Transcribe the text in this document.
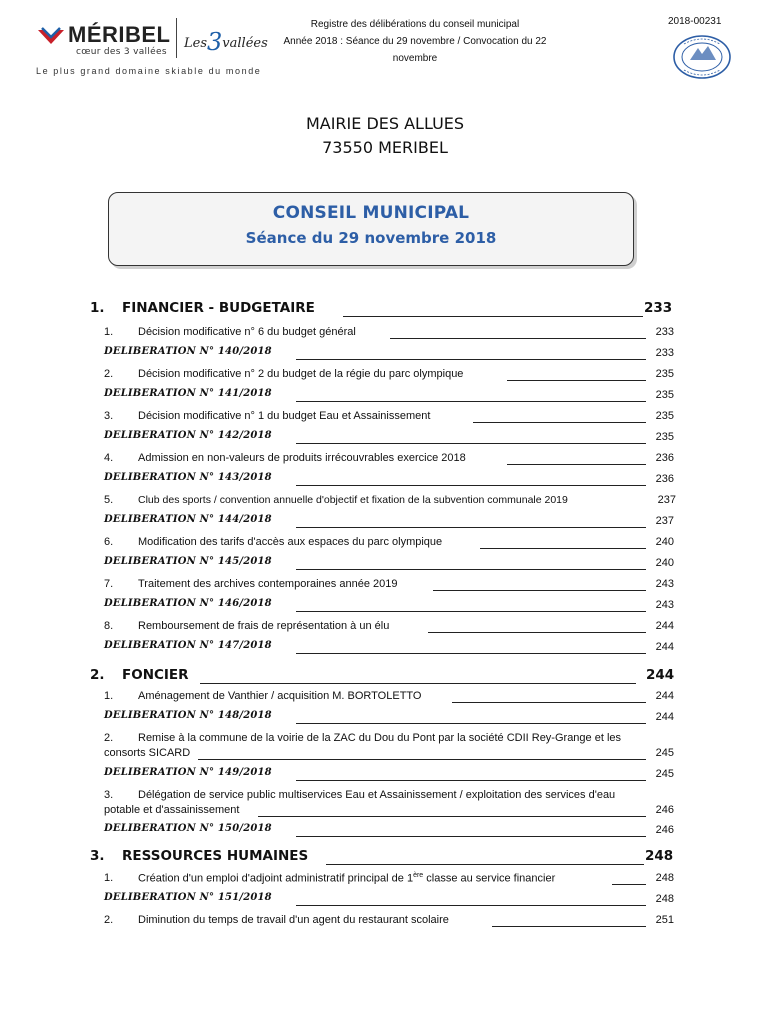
MÉRIBEL
cœur des 3 vallées
Les3vallées
Le plus grand domaine skiable du monde
Registre des délibérations du conseil municipal
Année 2018 : Séance du 29 novembre / Convocation du 22 novembre
2018-00231
MAIRIE DES ALLUES
73550 MERIBEL
CONSEIL MUNICIPAL
Séance du 29 novembre 2018
1. FINANCIER - BUDGETAIRE	233
1. Décision modificative n° 6 du budget général	233
DELIBERATION N° 140/2018	233
2. Décision modificative n° 2 du budget de la régie du parc olympique	235
DELIBERATION N° 141/2018	235
3. Décision modificative n° 1 du budget Eau et Assainissement	235
DELIBERATION N° 142/2018	235
4. Admission en non-valeurs de produits irrécouvrables exercice 2018	236
DELIBERATION N° 143/2018	236
5. Club des sports / convention annuelle d'objectif et fixation de la subvention communale 2019	237
DELIBERATION N° 144/2018	237
6. Modification des tarifs d'accès aux espaces du parc olympique	240
DELIBERATION N° 145/2018	240
7. Traitement des archives contemporaines année 2019	243
DELIBERATION N° 146/2018	243
8. Remboursement de frais de représentation à un élu	244
DELIBERATION N° 147/2018	244
2. FONCIER	244
1. Aménagement de Vanthier / acquisition M. BORTOLETTO	244
DELIBERATION N° 148/2018	244
2. Remise à la commune de la voirie de la ZAC du Dou du Pont par la société CDII Rey-Grange et les
consorts SICARD	245
DELIBERATION N° 149/2018	245
3. Délégation de service public multiservices Eau et Assainissement / exploitation des services d'eau
potable et d'assainissement	246
DELIBERATION N° 150/2018	246
3. RESSOURCES HUMAINES	248
1. Création d'un emploi d'adjoint administratif principal de 1ère classe au service financier	248
DELIBERATION N° 151/2018	248
2. Diminution du temps de travail d'un agent du restaurant scolaire	251
